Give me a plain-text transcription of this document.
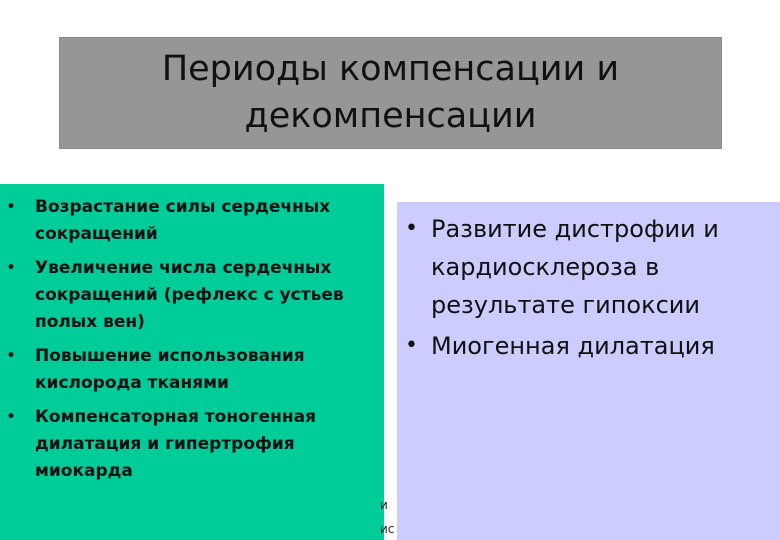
Периоды компенсации и декомпенсации
• Возрастание силы сердечных сокращений
• Увеличение числа сердечных сокращений (рефлекс с устьев полых вен)
• Повышение использования кислорода тканями
• Компенсаторная тоногенная дилатация и гипертрофия миокарда
и
ис
• Развитие дистрофии и кардиосклероза в результате гипоксии
• Миогенная дилатация
